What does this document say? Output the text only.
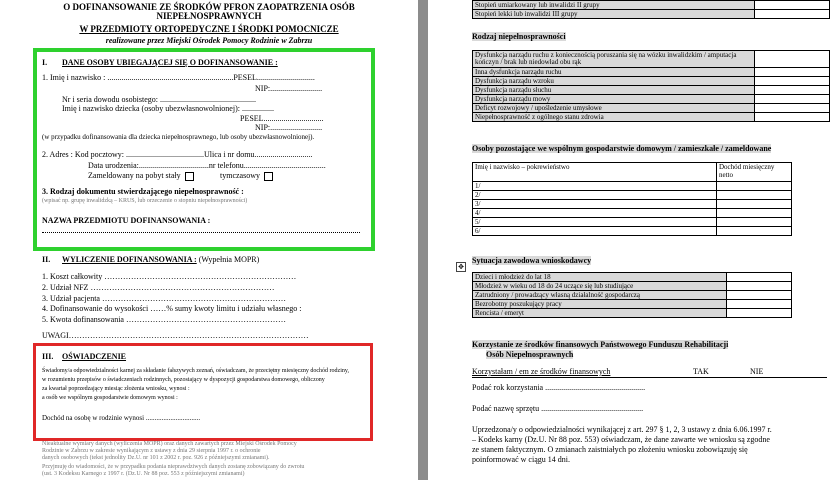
O DOFINANSOWANIE ZE ŚRODKÓW PFRON ZAOPATRZENIA OSÓB
NIEPEŁNOSPRAWNYCH
W PRZEDMIOTY ORTOPEDYCZNE I ŚRODKI POMOCNICZE
realizowane przez Miejski Ośrodek Pomocy Rodzinie w Zabrzu
I. DANE OSOBY UBIEGAJĄCEJ SIĘ O DOFINANSOWANIE :
1. Imię i nazwisko : ...............................................................PESEL.............................
NIP:..........................
Nr i seria dowodu osobistego: ................................................
Imię i nazwisko dziecka (osoby ubezwłasnowolnionej): ................
PESEL..............................
NIP:..........................
(w przypadku dofinansowania dla dziecka niepełnosprawnego, lub osoby ubezwłasnowolnionej).
2. Adres : Kod pocztowy: .......................................Ulica i nr domu.............................
Data urodzenia:...................................nr telefonu.........................................
Zameldowany na pobyt stały	tymczasowy
3. Rodzaj dokumentu stwierdzającego niepełnosprawność :
(wpisać np. grupę inwalidzką – KRUS, lub orzeczenie o stopniu niepełnosprawności)
NAZWA PRZEDMIOTU DOFINANSOWANIA :
II. WYLICZENIE DOFINANSOWANIA : (Wypełnia MOPR)
1. Koszt całkowity ………………………………………………………………
2. Udział NFZ ……………………………………………………………
3. Udział pacjenta ……………………………………………………………
4. Dofinansowanie do wysokości ……% sumy kwoty limitu i udziału własnego :
5. Kwota dofinansowania ……………………………………………………
UWAGI………………………………………………………………………………
III. OŚWIADCZENIE
Świadomy/a odpowiedzialności karnej za składanie fałszywych zeznań, oświadczam, że przeciętny miesięczny dochód rodziny,
w rozumieniu przepisów o świadczeniach rodzinnych, pozostający w dyspozycji gospodarstwa domowego, obliczony
za kwartał poprzedzający miesiąc złożenia wniosku, wynosi :
a osób we wspólnym gospodarstwie domowym wynosi :
Dochód na osobę w rodzinie wynosi ...............................
Nieaktualne wymiary danych (wyliczenia MOPR) oraz danych zawartych przez Miejski Ośrodek Pomocy
Rodzinie w Zabrzu w zakresie wynikającym z ustawy z dnia 29 sierpnia 1997 r. o ochronie
danych osobowych (tekst jednolity Dz.U. nr 101 z 2002 r. poz. 926 z późniejszymi zmianami).
Przyjmuję do wiadomości, że w przypadku podania nieprawdziwych danych zostanę zobowiązany do zwrotu
(ust. 3 Kodeksu Karnego z 1997 r. (Dz.U. Nr 88 poz. 553 z późniejszymi zmianami)
Stopień umiarkowany lub inwalidzi II grupy	
Stopień lekki lub inwalidzi III grupy	
Rodzaj niepełnosprawności
Dysfunkcja narządu ruchu z koniecznością poruszania się na wózku inwalidzkim / amputacja kończyn / brak lub niedowład obu rąk	
Inna dysfunkcja narządu ruchu	
Dysfunkcja narządu wzroku	
Dysfunkcja narządu słuchu	
Dysfunkcja narządu mowy	
Deficyt rozwojowy / upośledzenie umysłowe	
Niepełnosprawność z ogólnego stanu zdrowia	
Osoby pozostające we wspólnym gospodarstwie domowym / zamieszkałe / zameldowane
Imię i nazwisko – pokrewieństwo	Dochód miesięczny netto
1/	
2/	
3/	
4/	
5/	
6/	
✥
Sytuacja zawodowa wnioskodawcy
Dzieci i młodzież do lat 18	
Młodzież w wieku od 18 do 24 uczące się lub studiujące	
Zatrudniony / prowadzący własną działalność gospodarczą	
Bezrobotny poszukujący pracy	
Rencista / emeryt	
Korzystanie ze środków finansowych Państwowego Funduszu Rehabilitacji
Osób Niepełnosprawnych
Korzystałam / em ze środków finansowych	TAK	NIE
Podać rok korzystania ..................................................
Podać nazwę sprzętu ...................................................
Uprzedzona/y o odpowiedzialności wynikającej z art. 297 § 1, 2, 3 ustawy z dnia 6.06.1997 r.
– Kodeks karny (Dz.U. Nr 88 poz. 553) oświadczam, że dane zawarte we wniosku są zgodne
ze stanem faktycznym. O zmianach zaistniałych po złożeniu wniosku zobowiązuję się
poinformować w ciągu 14 dni.
